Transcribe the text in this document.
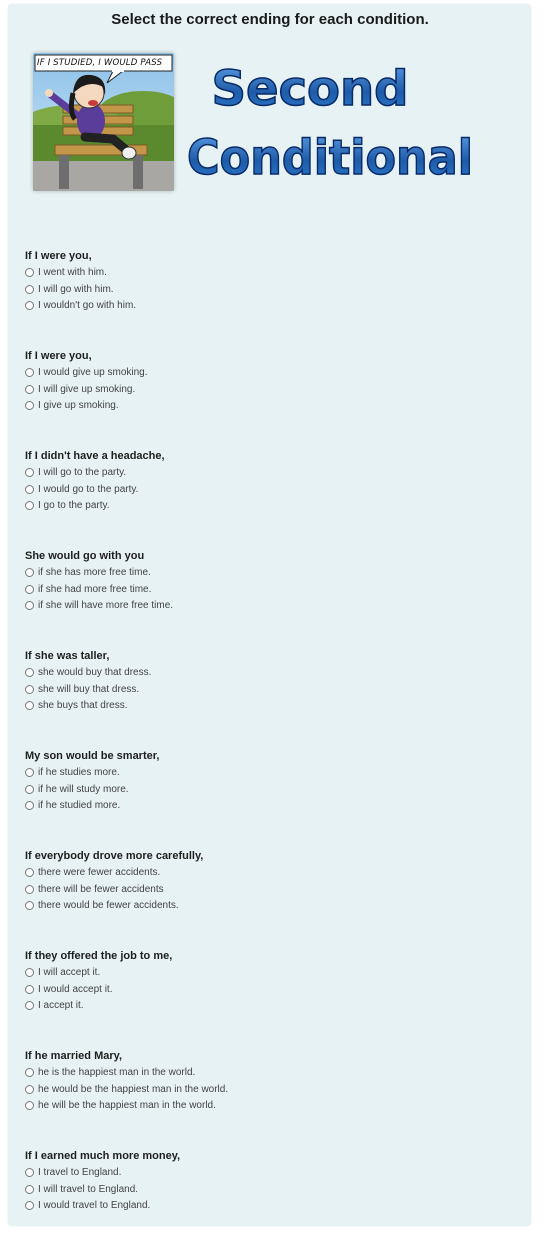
Select the correct ending for each condition.
IF I STUDIED, I WOULD PASS Second
Conditional
If I were you,
I went with him.
I will go with him.
I wouldn't go with him.
If I were you,
I would give up smoking.
I will give up smoking.
I give up smoking.
If I didn't have a headache,
I will go to the party.
I would go to the party.
I go to the party.
She would go with you
if she has more free time.
if she had more free time.
if she will have more free time.
If she was taller,
she would buy that dress.
she will buy that dress.
she buys that dress.
My son would be smarter,
if he studies more.
if he will study more.
if he studied more.
If everybody drove more carefully,
there were fewer accidents.
there will be fewer accidents
there would be fewer accidents.
If they offered the job to me,
I will accept it.
I would accept it.
I accept it.
If he married Mary,
he is the happiest man in the world.
he would be the happiest man in the world.
he will be the happiest man in the world.
If I earned much more money,
I travel to England.
I will travel to England.
I would travel to England.
